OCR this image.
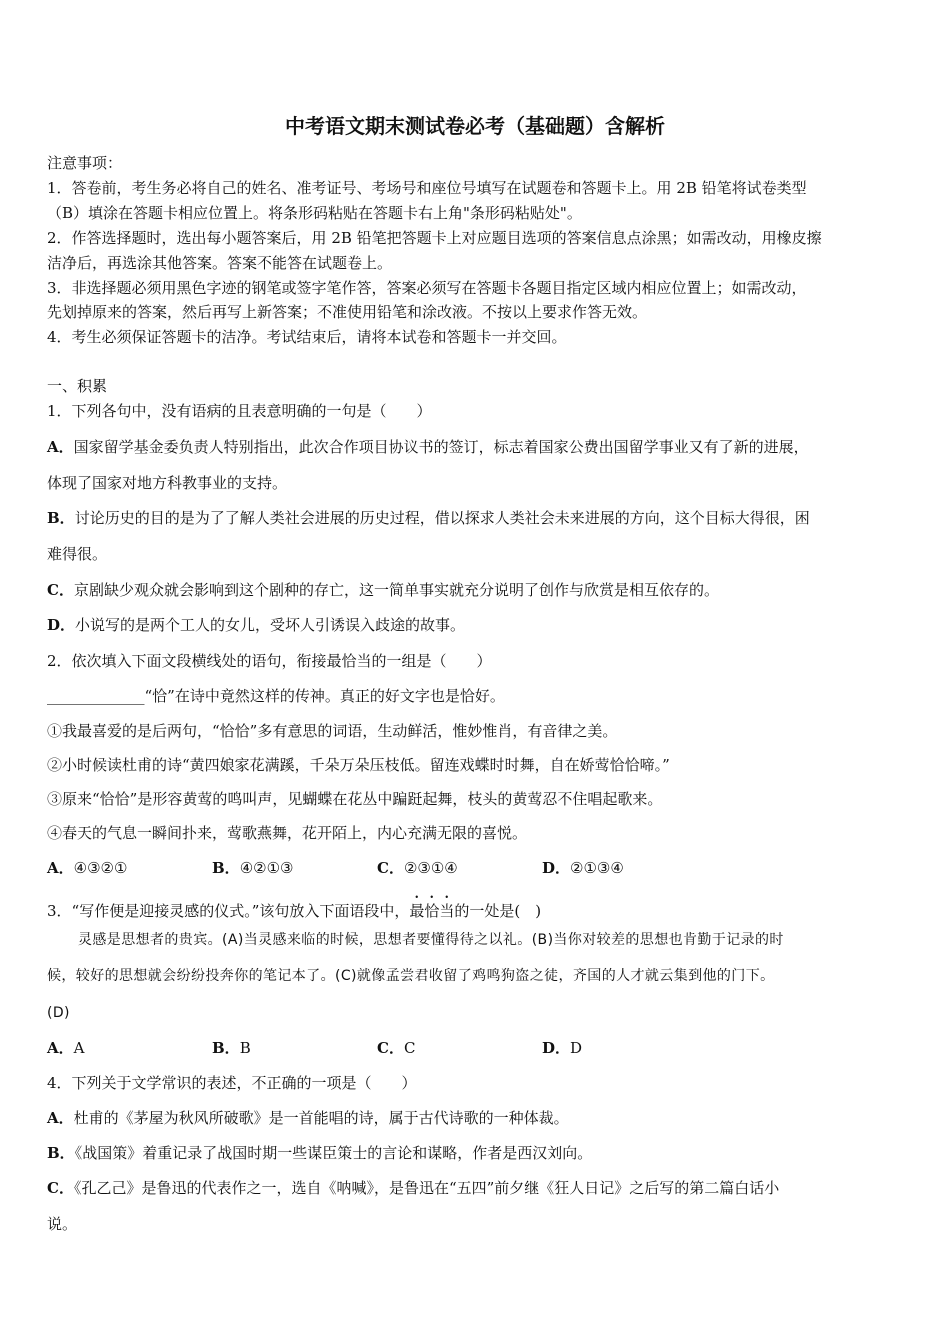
中考语文期末测试卷必考（基础题）含解析
注意事项：
1．答卷前，考生务必将自己的姓名、准考证号、考场号和座位号填写在试题卷和答题卡上。用 2B 铅笔将试卷类型
（B）填涂在答题卡相应位置上。将条形码粘贴在答题卡右上角"条形码粘贴处"。
2．作答选择题时，选出每小题答案后，用 2B 铅笔把答题卡上对应题目选项的答案信息点涂黑；如需改动，用橡皮擦
洁净后，再选涂其他答案。答案不能答在试题卷上。
3．非选择题必须用黑色字迹的钢笔或签字笔作答，答案必须写在答题卡各题目指定区域内相应位置上；如需改动，
先划掉原来的答案，然后再写上新答案；不准使用铅笔和涂改液。不按以上要求作答无效。
4．考生必须保证答题卡的洁净。考试结束后，请将本试卷和答题卡一并交回。
一、积累
1．下列各句中，没有语病的且表意明确的一句是（　　）
A．国家留学基金委负责人特别指出，此次合作项目协议书的签订，标志着国家公费出国留学事业又有了新的进展，
体现了国家对地方科教事业的支持。
B．讨论历史的目的是为了了解人类社会进展的历史过程，借以探求人类社会未来进展的方向，这个目标大得很，困
难得很。
C．京剧缺少观众就会影响到这个剧种的存亡，这一简单事实就充分说明了创作与欣赏是相互依存的。
D．小说写的是两个工人的女儿，受坏人引诱误入歧途的故事。
2．依次填入下面文段横线处的语句，衔接最恰当的一组是（　　）
_____________“恰”在诗中竟然这样的传神。真正的好文字也是恰好。
①我最喜爱的是后两句，“恰恰”多有意思的词语，生动鲜活，惟妙惟肖，有音律之美。
②小时候读杜甫的诗“黄四娘家花满蹊，千朵万朵压枝低。留连戏蝶时时舞，自在娇莺恰恰啼。”
③原来“恰恰”是形容黄莺的鸣叫声，见蝴蝶在花丛中蹁跹起舞，枝头的黄莺忍不住唱起歌来。
④春天的气息一瞬间扑来，莺歌燕舞，花开陌上，内心充满无限的喜悦。
A．④③②①	B．④②①③	C．②③①④	D．②①③④
3．“写作便是迎接灵感的仪式。”该句放入下面语段中，最恰当的一处是(　)
灵感是思想者的贵宾。(A)当灵感来临的时候，思想者要懂得待之以礼。(B)当你对较差的思想也肯勤于记录的时
候，较好的思想就会纷纷投奔你的笔记本了。(C)就像孟尝君收留了鸡鸣狗盗之徒，齐国的人才就云集到他的门下。
(D)
A．A	B．B	C．C	D．D
4．下列关于文学常识的表述，不正确的一项是（　　）
A．杜甫的《茅屋为秋风所破歌》是一首能唱的诗，属于古代诗歌的一种体裁。
B．《战国策》着重记录了战国时期一些谋臣策士的言论和谋略，作者是西汉刘向。
C．《孔乙己》是鲁迅的代表作之一，选自《呐喊》，是鲁迅在“五四”前夕继《狂人日记》之后写的第二篇白话小
说。
